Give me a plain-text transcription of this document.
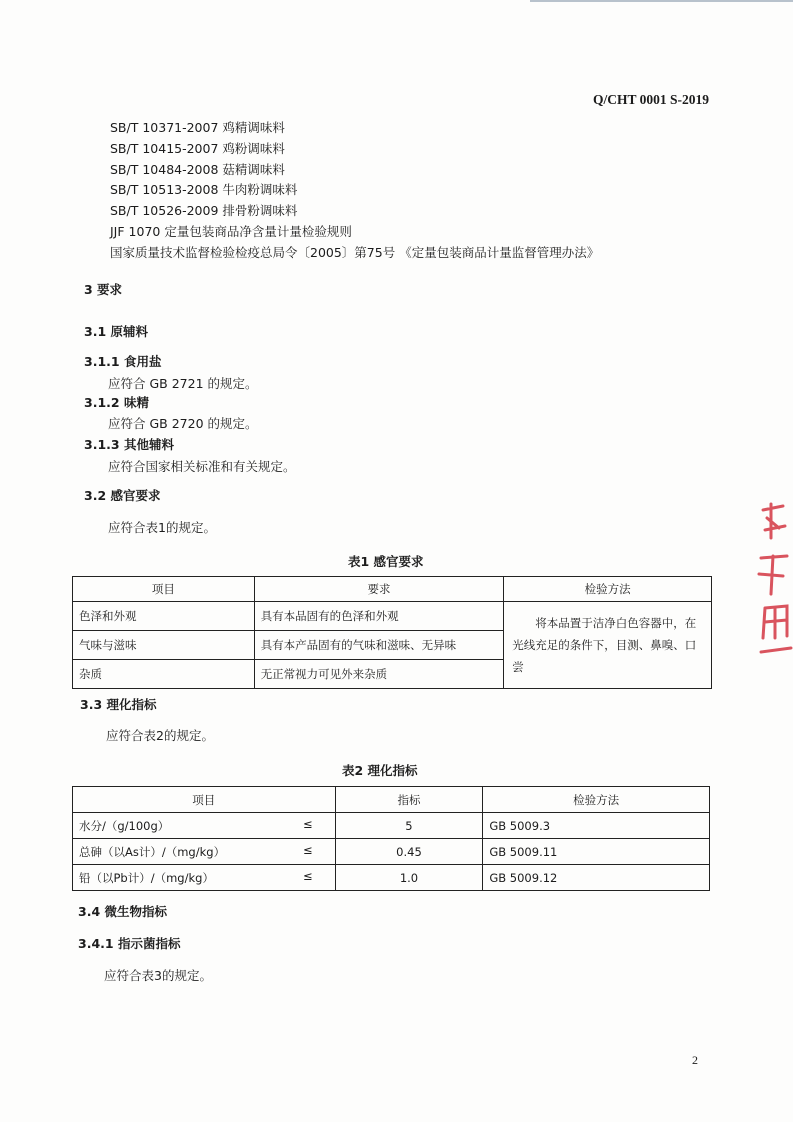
Q/CHT 0001 S-2019
SB/T 10371-2007 鸡精调味料
SB/T 10415-2007 鸡粉调味料
SB/T 10484-2008 菇精调味料
SB/T 10513-2008 牛肉粉调味料
SB/T 10526-2009 排骨粉调味料
JJF 1070 定量包装商品净含量计量检验规则
国家质量技术监督检验检疫总局令〔2005〕第75号 《定量包装商品计量监督管理办法》
3 要求
3.1 原辅料
3.1.1 食用盐
应符合 GB 2721 的规定。
3.1.2 味精
应符合 GB 2720 的规定。
3.1.3 其他辅料
应符合国家相关标准和有关规定。
3.2 感官要求
应符合表1的规定。
表1 感官要求
项目	要求	检验方法
色泽和外观	具有本品固有的色泽和外观	将本品置于洁净白色容器中，在光线充足的条件下，目测、鼻嗅、口尝
气味与滋味	具有本产品固有的气味和滋味、无异味	
杂质	无正常视力可见外来杂质	
3.3 理化指标
应符合表2的规定。
表2 理化指标
项目	指标	检验方法
水分/（g/100g） ≤	5	GB 5009.3
总砷（以As计）/（mg/kg） ≤	0.45	GB 5009.11
铅（以Pb计）/（mg/kg） ≤	1.0	GB 5009.12
3.4 微生物指标
3.4.1 指示菌指标
应符合表3的规定。
2
